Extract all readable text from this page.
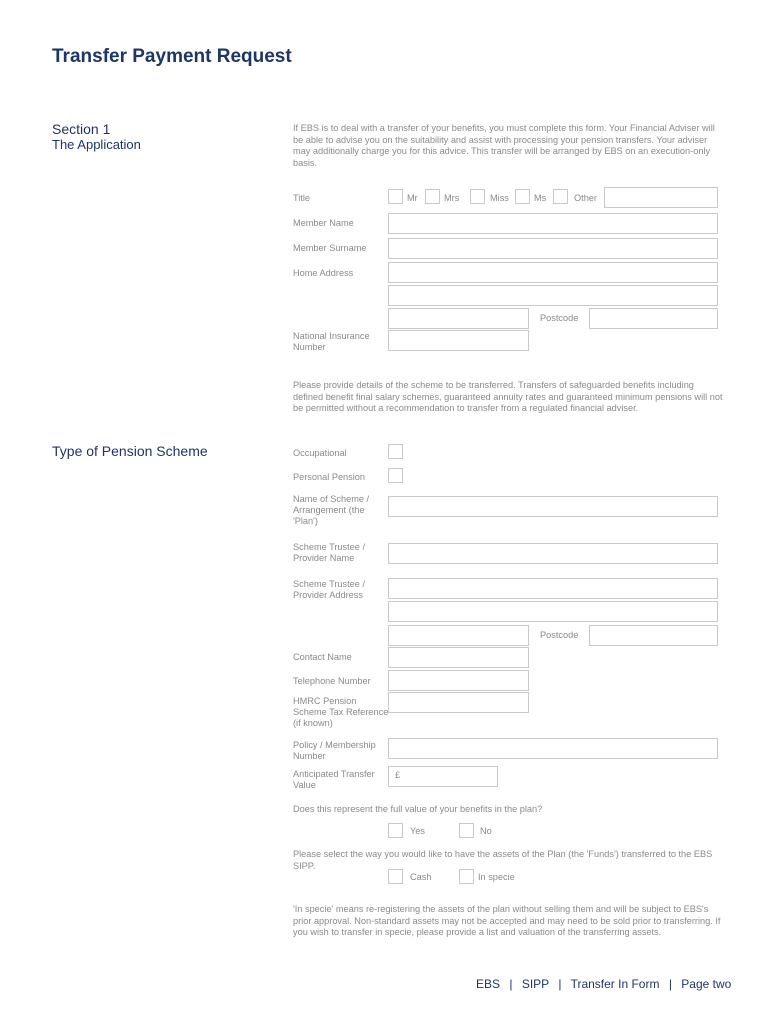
Transfer Payment Request
Section 1
The Application
If EBS is to deal with a transfer of your benefits, you must complete this form. Your Financial Adviser will be able to advise you on the suitability and assist with processing your pension transfers. Your adviser may additionally charge you for this advice. This transfer will be arranged by EBS on an execution-only basis.
Title	Mr	Mrs	Miss	Ms	Other
Member Name
Member Surname
Home Address
Postcode
National Insurance Number
Please provide details of the scheme to be transferred. Transfers of safeguarded benefits including defined benefit final salary schemes, guaranteed annuity rates and guaranteed minimum pensions will not be permitted without a recommendation to transfer from a regulated financial adviser.
Type of Pension Scheme	Occupational
Personal Pension
Name of Scheme / Arrangement (the 'Plan')
Scheme Trustee / Provider Name
Scheme Trustee / Provider Address
Postcode
Contact Name
Telephone Number
HMRC Pension Scheme Tax Reference (if known)
Policy / Membership Number
Anticipated Transfer Value
£
Does this represent the full value of your benefits in the plan?
Yes	No
Please select the way you would like to have the assets of the Plan (the 'Funds') transferred to the EBS SIPP.
Cash	In specie
'In specie' means re-registering the assets of the plan without selling them and will be subject to EBS's prior approval. Non-standard assets may not be accepted and may need to be sold prior to transferring. If you wish to transfer in specie, please provide a list and valuation of the transferring assets.
EBS | SIPP | Transfer In Form | Page two
